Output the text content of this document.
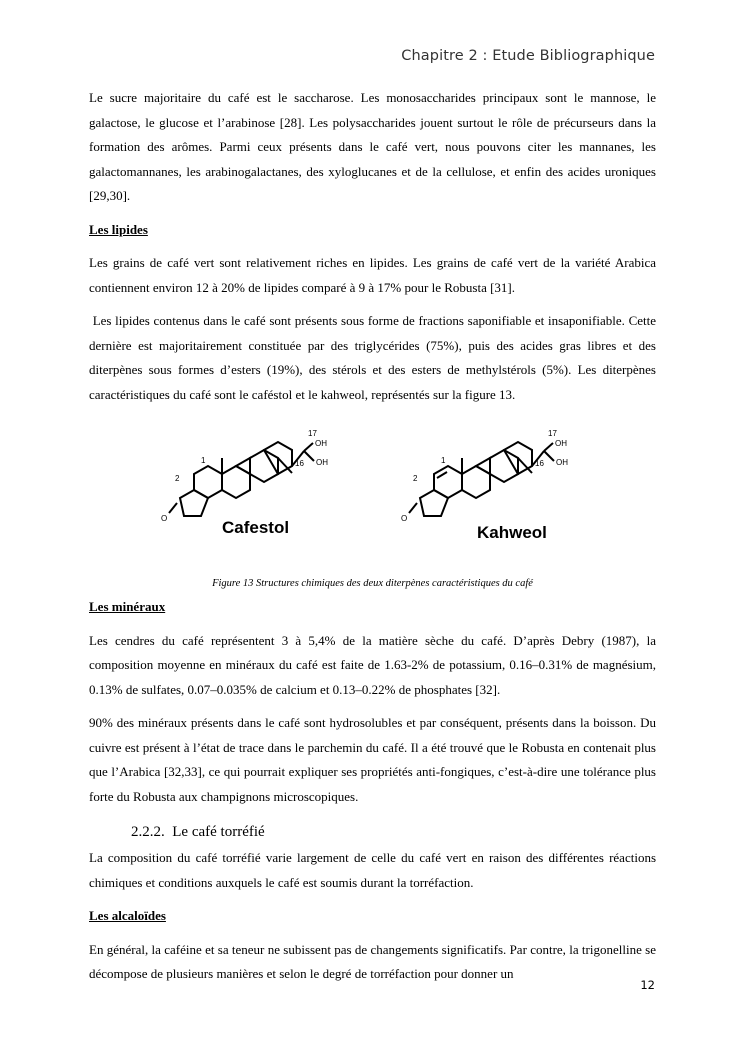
Chapitre 2 : Etude Bibliographique

Le sucre majoritaire du café est le saccharose. Les monosaccharides principaux sont le mannose, le galactose, le glucose et l’arabinose [28]. Les polysaccharides jouent surtout le rôle de précurseurs dans la formation des arômes. Parmi ceux présents dans le café vert, nous pouvons citer les mannanes, les galactomannanes, les arabinogalactanes, des xyloglucanes et de la cellulose, et enfin des acides uroniques [29,30].

Les lipides

Les grains de café vert sont relativement riches en lipides. Les grains de café vert de la variété Arabica contiennent environ 12 à 20% de lipides comparé à 9 à 17% pour le Robusta [31].

Les lipides contenus dans le café sont présents sous forme de fractions saponifiable et insaponifiable. Cette dernière est majoritairement constituée par des triglycérides (75%), puis des acides gras libres et des diterpènes sous formes d’esters (19%), des stérols et des esters de methylstérols (5%). Les diterpènes caractéristiques du café sont le caféstol et le kahweol, représentés sur la figure 13.

1
2
17
16
OH
OH
O
1
2
17
16
OH
OH
O
Cafestol	Kahweol
Figure 13 Structures chimiques des deux diterpènes caractéristiques du café
Les minéraux

Les cendres du café représentent 3 à 5,4% de la matière sèche du café. D’après Debry (1987), la composition moyenne en minéraux du café est faite de 1.63-2% de potassium, 0.16–0.31% de magnésium, 0.13% de sulfates, 0.07–0.035% de calcium et 0.13–0.22% de phosphates [32].

90% des minéraux présents dans le café sont hydrosolubles et par conséquent, présents dans la boisson. Du cuivre est présent à l’état de trace dans le parchemin du café. Il a été trouvé que le Robusta en contenait plus que l’Arabica [32,33], ce qui pourrait expliquer ses propriétés anti-fongiques, c’est-à-dire une tolérance plus forte du Robusta aux champignons microscopiques.

2.2.2.  Le café torréfié

La composition du café torréfié varie largement de celle du café vert en raison des différentes réactions chimiques et conditions auxquels le café est soumis durant la torréfaction.

Les alcaloïdes

En général, la caféine et sa teneur ne subissent pas de changements significatifs. Par contre, la trigonelline se décompose de plusieurs manières et selon le degré de torréfaction pour donner un

12
